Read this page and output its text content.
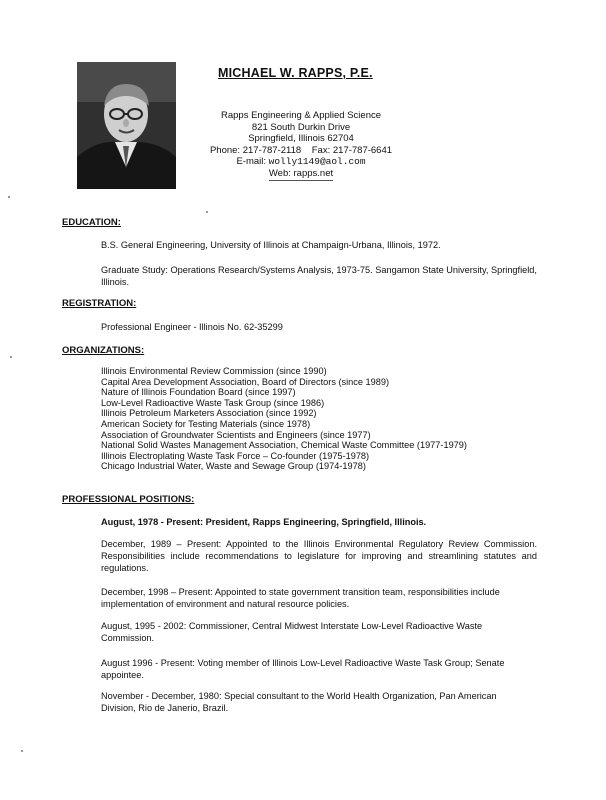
MICHAEL W. RAPPS, P.E.
Rapps Engineering & Applied Science
821 South Durkin Drive
Springfield, Illinois 62704
Phone: 217-787-2118 Fax: 217-787-6641
E-mail: wolly1149@aol.com
Web: rapps.net
EDUCATION:
B.S. General Engineering, University of Illinois at Champaign-Urbana, Illinois, 1972.
Graduate Study: Operations Research/Systems Analysis, 1973-75. Sangamon State University, Springfield, Illinois.
REGISTRATION:
Professional Engineer - Illinois No. 62-35299
ORGANIZATIONS:
Illinois Environmental Review Commission (since 1990)
Capital Area Development Association, Board of Directors (since 1989)
Nature of Illinois Foundation Board (since 1997)
Low-Level Radioactive Waste Task Group (since 1986)
Illinois Petroleum Marketers Association (since 1992)
American Society for Testing Materials (since 1978)
Association of Groundwater Scientists and Engineers (since 1977)
National Solid Wastes Management Association, Chemical Waste Committee (1977-1979)
Illinois Electroplating Waste Task Force – Co-founder (1975-1978)
Chicago Industrial Water, Waste and Sewage Group (1974-1978)
PROFESSIONAL POSITIONS:
August, 1978 - Present: President, Rapps Engineering, Springfield, Illinois.
December, 1989 – Present: Appointed to the Illinois Environmental Regulatory Review Commission. Responsibilities include recommendations to legislature for improving and streamlining statutes and regulations.
December, 1998 – Present: Appointed to state government transition team, responsibilities include implementation of environment and natural resource policies.
August, 1995 - 2002: Commissioner, Central Midwest Interstate Low-Level Radioactive Waste Commission.
August 1996 - Present: Voting member of Illinois Low-Level Radioactive Waste Task Group; Senate appointee.
November - December, 1980: Special consultant to the World Health Organization, Pan American Division, Rio de Janerio, Brazil.
